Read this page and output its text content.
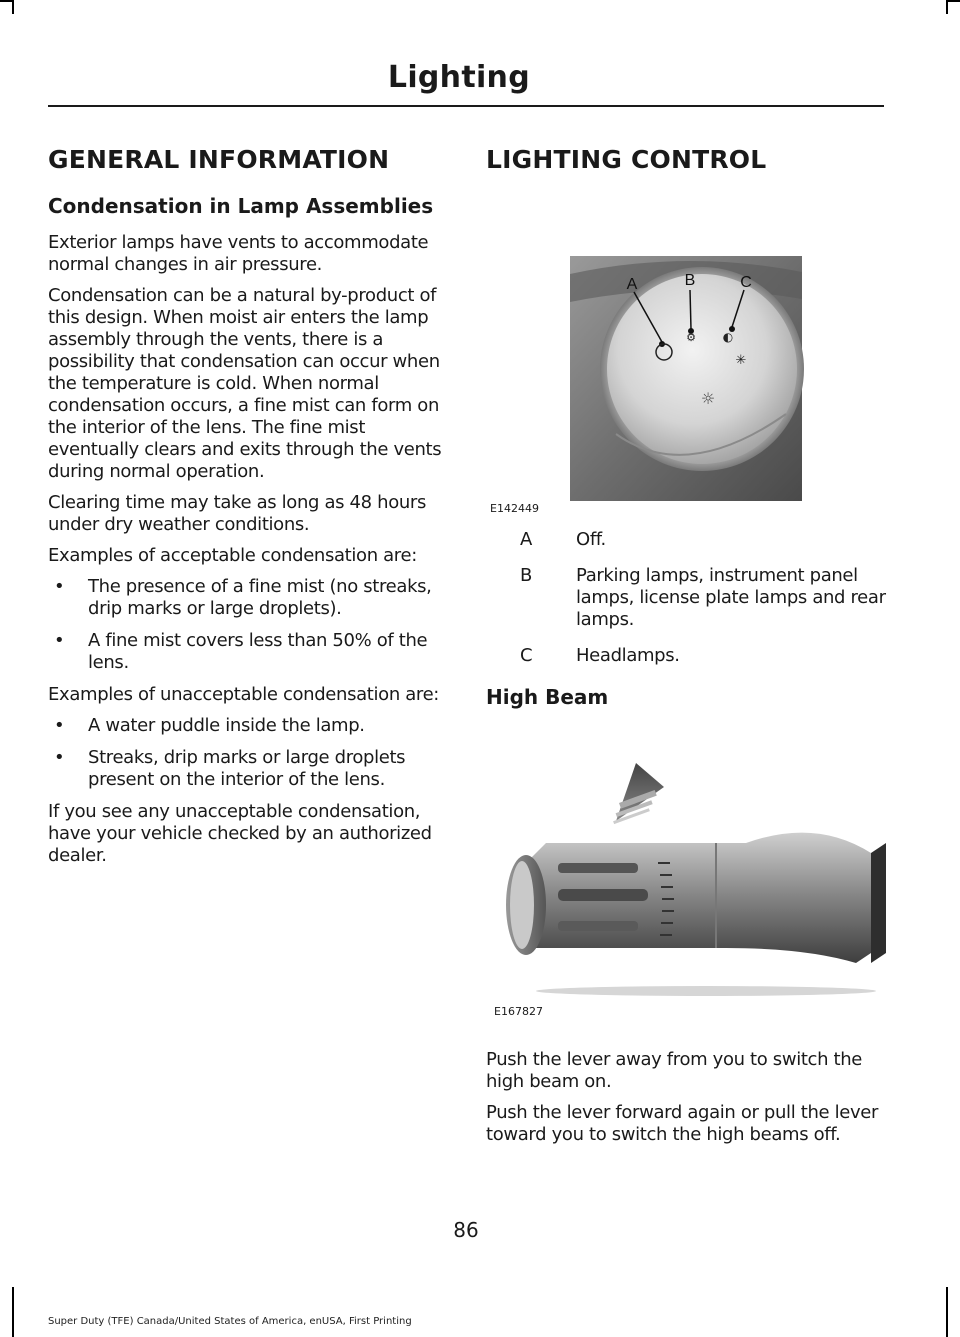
Lighting
GENERAL INFORMATION
Condensation in Lamp Assemblies

Exterior lamps have vents to accommodate normal changes in air pressure.

Condensation can be a natural by-product of this design. When moist air enters the lamp assembly through the vents, there is a possibility that condensation can occur when the temperature is cold. When normal condensation occurs, a fine mist can form on the interior of the lens. The fine mist eventually clears and exits through the vents during normal operation.

Clearing time may take as long as 48 hours under dry weather conditions.

Examples of acceptable condensation are:

• The presence of a fine mist (no streaks, drip marks or large droplets).
• A fine mist covers less than 50% of the lens.

Examples of unacceptable condensation are:

• A water puddle inside the lamp.
• Streaks, drip marks or large droplets present on the interior of the lens.

If you see any unacceptable condensation, have your vehicle checked by an authorized dealer.

LIGHTING CONTROL
⚙ ◐
✳
☼
A	B	C
E142449
A	Off.
B	Parking lamps, instrument panel lamps, license plate lamps and rear lamps.
C	Headlamps.
High Beam
E167827

Push the lever away from you to switch the high beam on.

Push the lever forward again or pull the lever toward you to switch the high beams off.

86
Super Duty (TFE) Canada/United States of America, enUSA, First Printing
